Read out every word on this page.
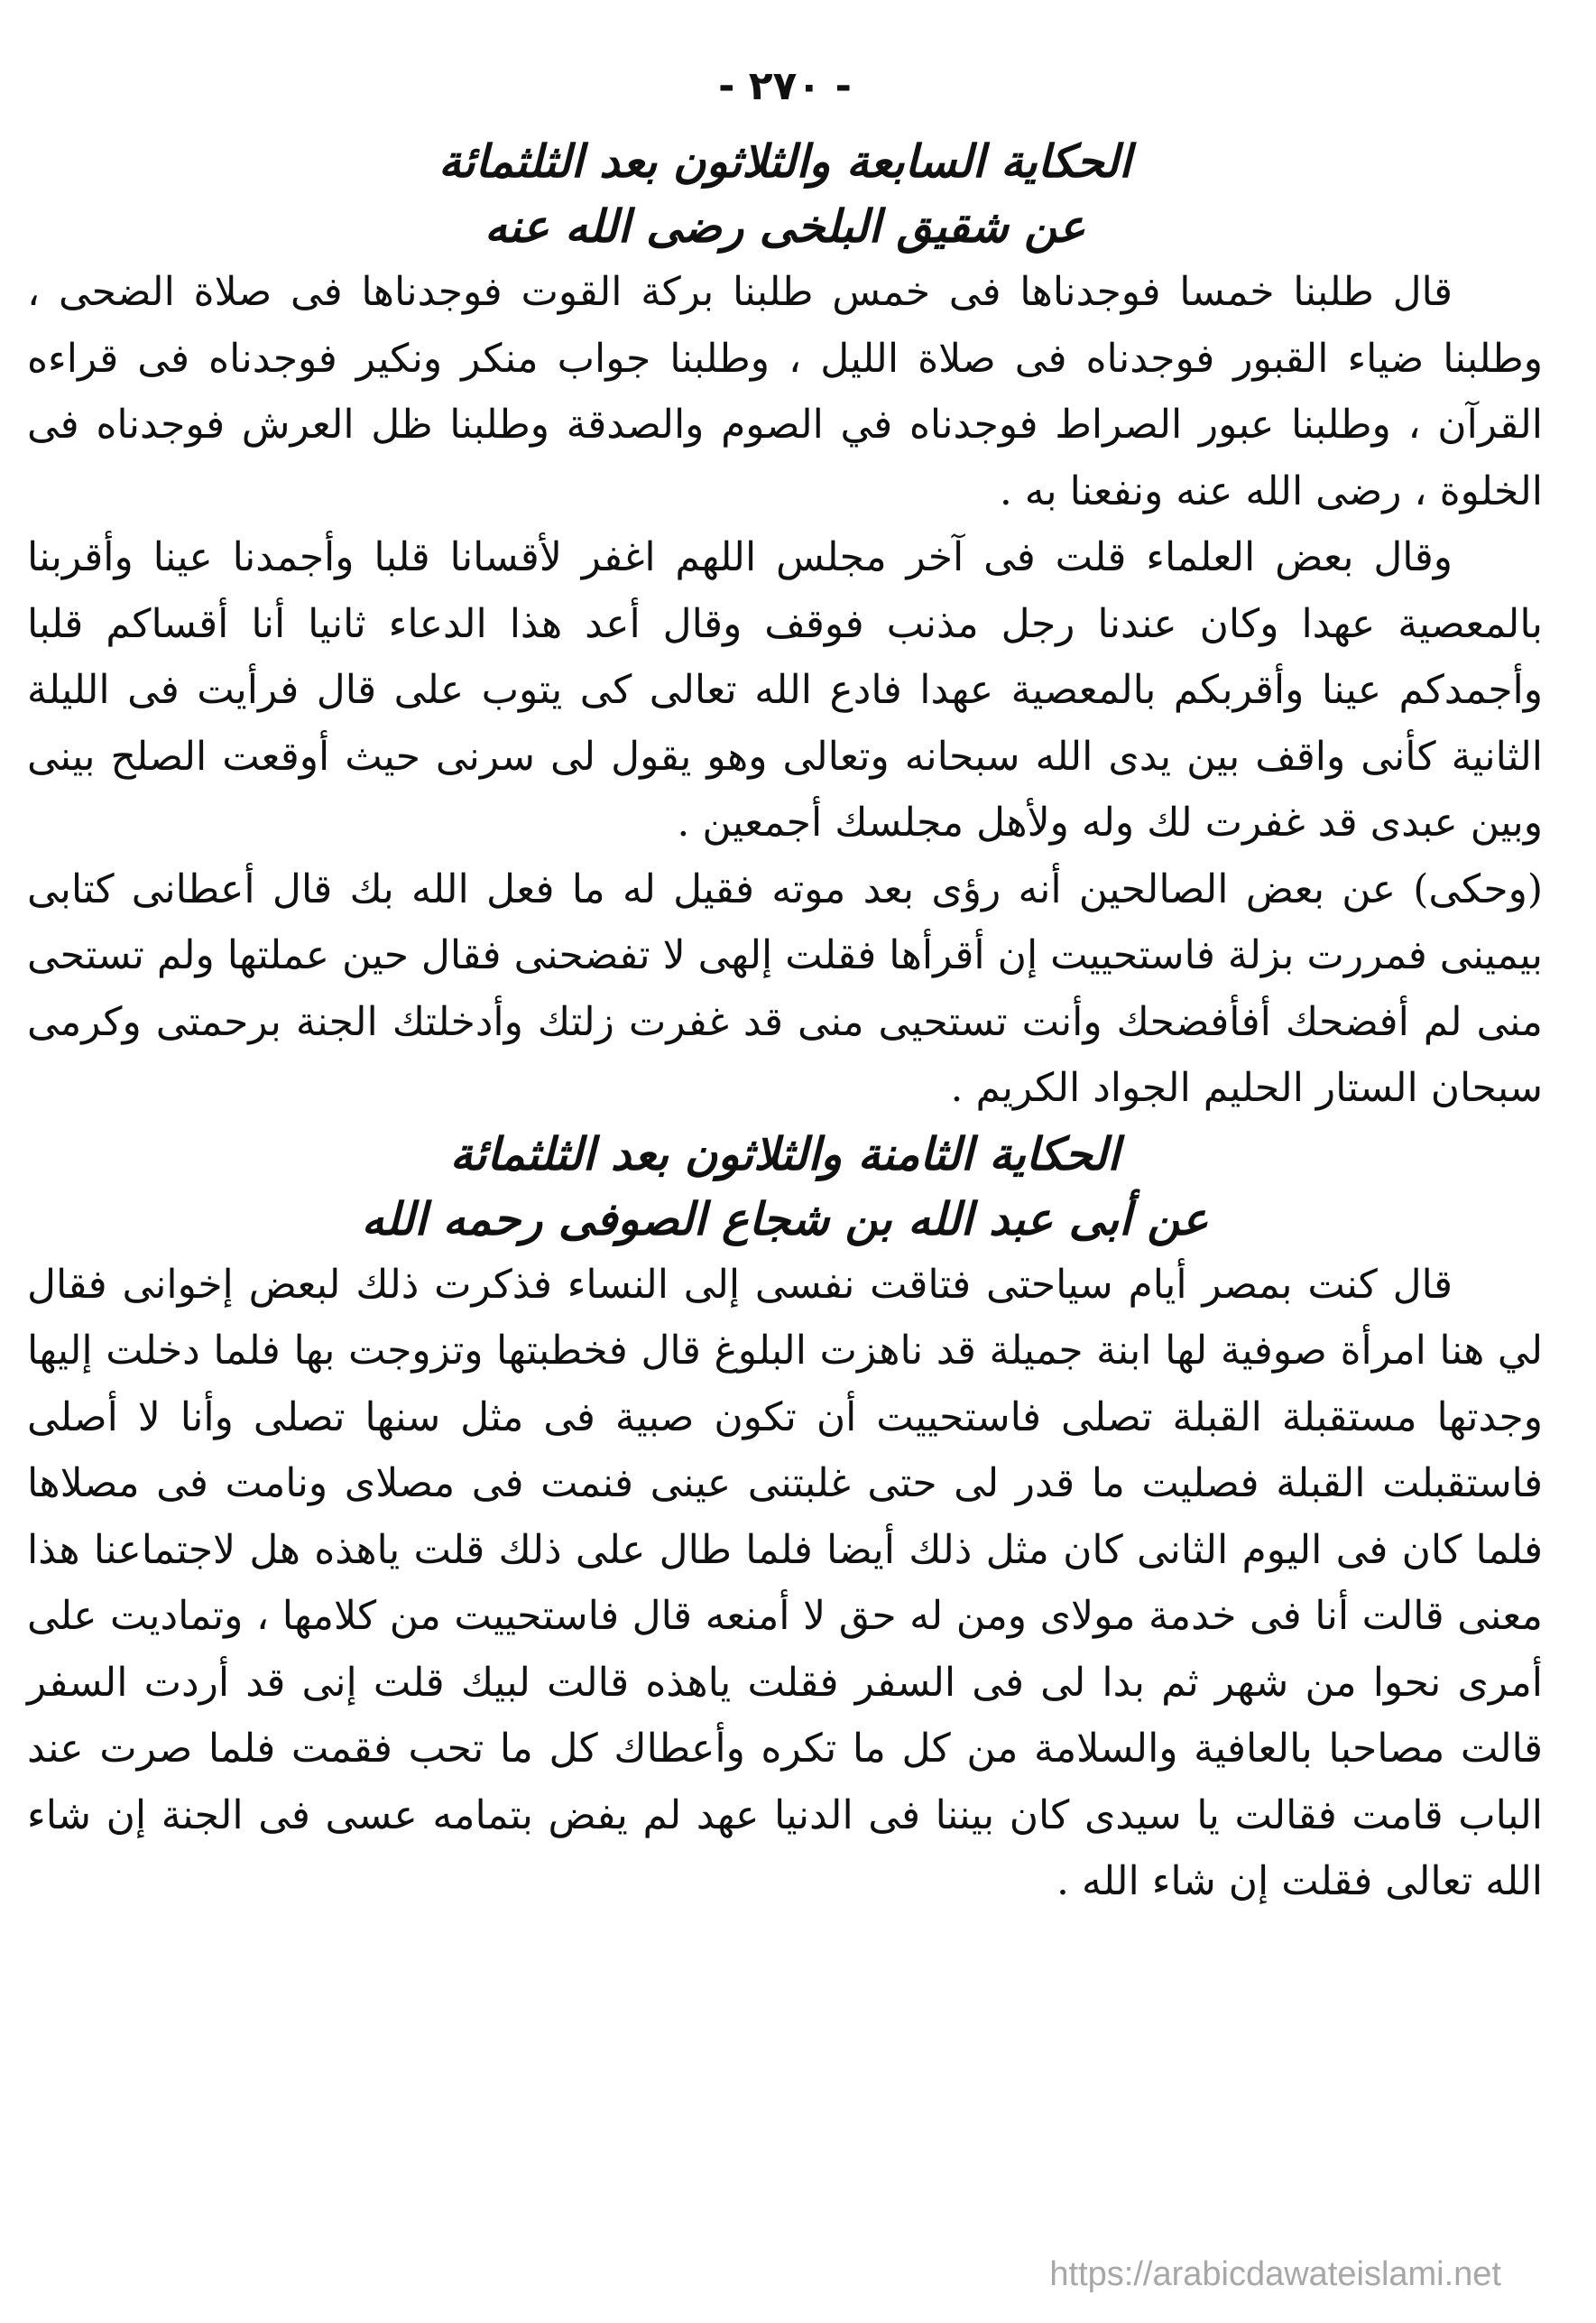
- ٢٧٠ -
الحكاية السابعة والثلاثون بعد الثلثمائة
عن شقيق البلخى رضى الله عنه

قال طلبنا خمسا فوجدناها فى خمس طلبنا بركة القوت فوجدناها فى صلاة الضحى ، وطلبنا ضياء القبور فوجدناه فى صلاة الليل ، وطلبنا جواب منكر ونكير فوجدناه فى قراءه القرآن ، وطلبنا عبور الصراط فوجدناه في الصوم والصدقة وطلبنا ظل العرش فوجدناه فى الخلوة ، رضى الله عنه ونفعنا به .

وقال بعض العلماء قلت فى آخر مجلس اللهم اغفر لأقسانا قلبا وأجمدنا عينا وأقربنا بالمعصية عهدا وكان عندنا رجل مذنب فوقف وقال أعد هذا الدعاء ثانيا أنا أقساكم قلبا وأجمدكم عينا وأقربكم بالمعصية عهدا فادع الله تعالى كى يتوب على قال فرأيت فى الليلة الثانية كأنى واقف بين يدى الله سبحانه وتعالى وهو يقول لى سرنى حيث أوقعت الصلح بينى وبين عبدى قد غفرت لك وله ولأهل مجلسك أجمعين .

(وحكى) عن بعض الصالحين أنه رؤى بعد موته فقيل له ما فعل الله بك قال أعطانى كتابى بيمينى فمررت بزلة فاستحييت إن أقرأها فقلت إلهى لا تفضحنى فقال حين عملتها ولم تستحى منى لم أفضحك أفأفضحك وأنت تستحيى منى قد غفرت زلتك وأدخلتك الجنة برحمتى وكرمى سبحان الستار الحليم الجواد الكريم .

الحكاية الثامنة والثلاثون بعد الثلثمائة
عن أبى عبد الله بن شجاع الصوفى رحمه الله

قال كنت بمصر أيام سياحتى فتاقت نفسى إلى النساء فذكرت ذلك لبعض إخوانى فقال لي هنا امرأة صوفية لها ابنة جميلة قد ناهزت البلوغ قال فخطبتها وتزوجت بها فلما دخلت إليها وجدتها مستقبلة القبلة تصلى فاستحييت أن تكون صبية فى مثل سنها تصلى وأنا لا أصلى فاستقبلت القبلة فصليت ما قدر لى حتى غلبتنى عينى فنمت فى مصلاى ونامت فى مصلاها فلما كان فى اليوم الثانى كان مثل ذلك أيضا فلما طال على ذلك قلت ياهذه هل لاجتماعنا هذا معنى قالت أنا فى خدمة مولاى ومن له حق لا أمنعه قال فاستحييت من كلامها ، وتماديت على أمرى نحوا من شهر ثم بدا لى فى السفر فقلت ياهذه قالت لبيك قلت إنى قد أردت السفر قالت مصاحبا بالعافية والسلامة من كل ما تكره وأعطاك كل ما تحب فقمت فلما صرت عند الباب قامت فقالت يا سيدى كان بيننا فى الدنيا عهد لم يفض بتمامه عسى فى الجنة إن شاء الله تعالى فقلت إن شاء الله .

https://arabicdawateislami.net
